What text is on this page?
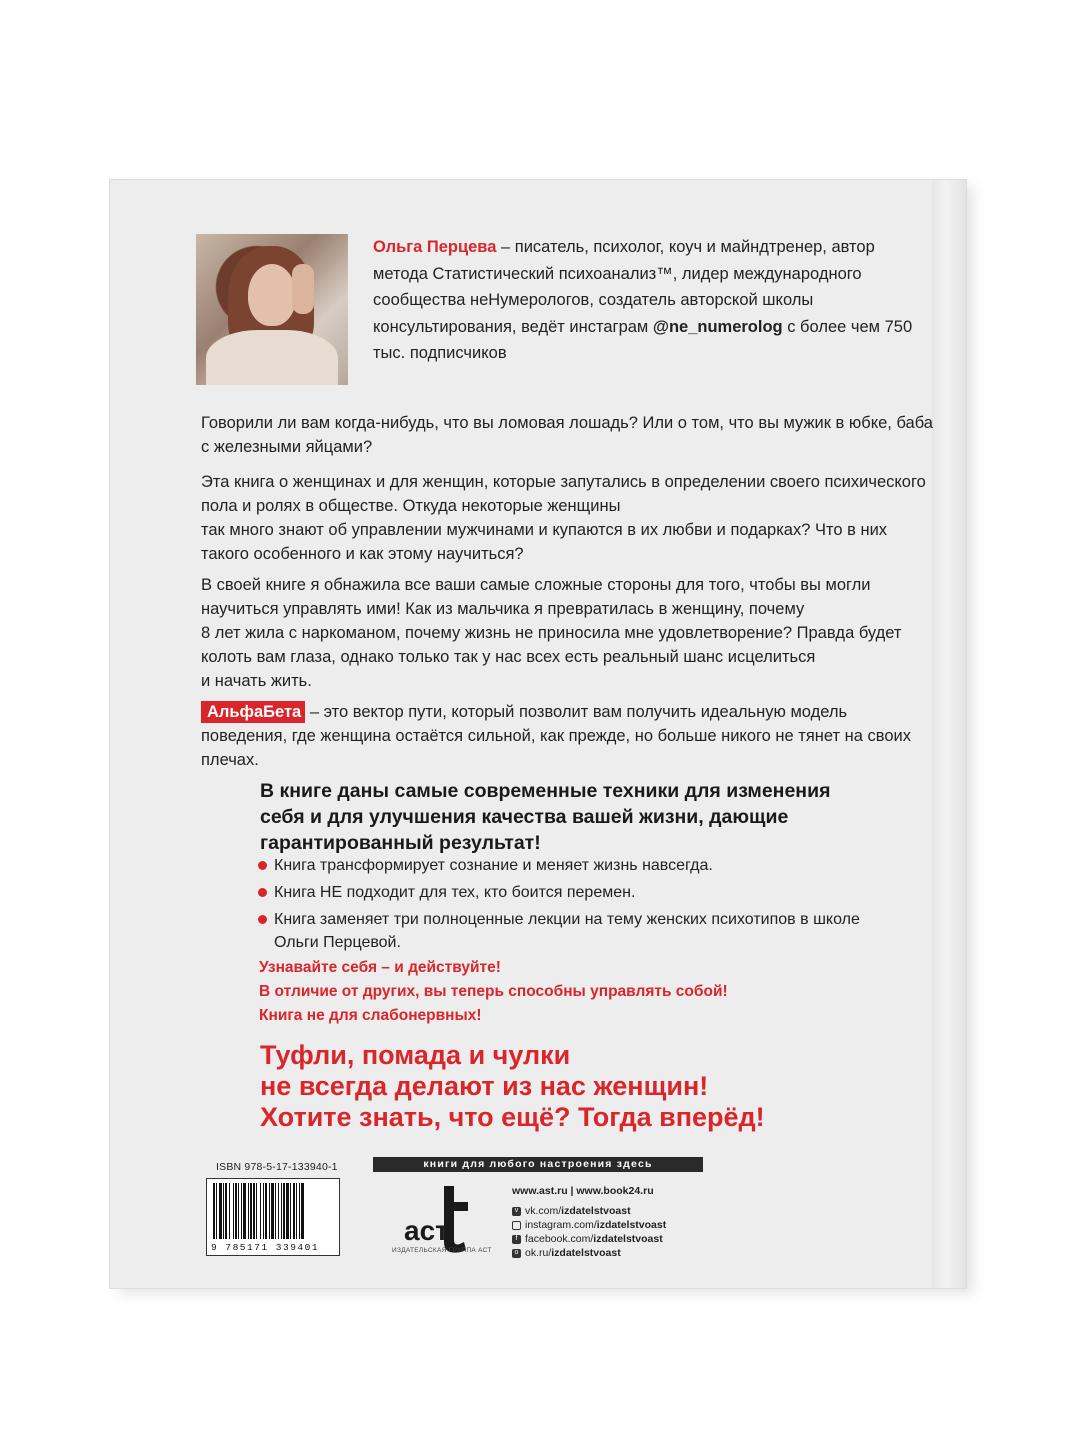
Ольга Перцева – писатель, психолог, коуч и майндтренер, автор метода Статистический психоанализ™, лидер международного сообщества неНумерологов, создатель авторской школы консультирования, ведёт инстаграм @ne_numerolog с более чем 750 тыс. подписчиков
Говорили ли вам когда-нибудь, что вы ломовая лошадь? Или о том, что вы мужик в юбке, баба с железными яйцами?
Эта книга о женщинах и для женщин, которые запутались в определении своего психического пола и ролях в обществе. Откуда некоторые женщины
так много знают об управлении мужчинами и купаются в их любви и подарках? Что в них такого особенного и как этому научиться?
В своей книге я обнажила все ваши самые сложные стороны для того, чтобы вы могли научиться управлять ими! Как из мальчика я превратилась в женщину, почему
8 лет жила с наркоманом, почему жизнь не приносила мне удовлетворение? Правда будет колоть вам глаза, однако только так у нас всех есть реальный шанс исцелиться
и начать жить.
АльфаБета – это вектор пути, который позволит вам получить идеальную модель поведения, где женщина остаётся сильной, как прежде, но больше никого не тянет на своих плечах.
В книге даны самые современные техники для изменения себя и для улучшения качества вашей жизни, дающие гарантированный результат!
Книга трансформирует сознание и меняет жизнь навсегда.
Книга НЕ подходит для тех, кто боится перемен.
Книга заменяет три полноценные лекции на тему женских психотипов в школе Ольги Перцевой.
Узнавайте себя – и действуйте!
В отличие от других, вы теперь способны управлять собой!
Книга не для слабонервных!
Туфли, помада и чулки
не всегда делают из нас женщин!
Хотите знать, что ещё? Тогда вперёд!
ISBN 978-5-17-133940-1
9 785171 339401
книги для любого настроения здесь
аст
ИЗДАТЕЛЬСКАЯ ГРУППА АСТ
www.ast.ru | www.book24.ru
v vk.com/ izdatelstvoast
instagram.com/ izdatelstvoast
f facebook.com/ izdatelstvoast
o ok.ru/ izdatelstvoast
